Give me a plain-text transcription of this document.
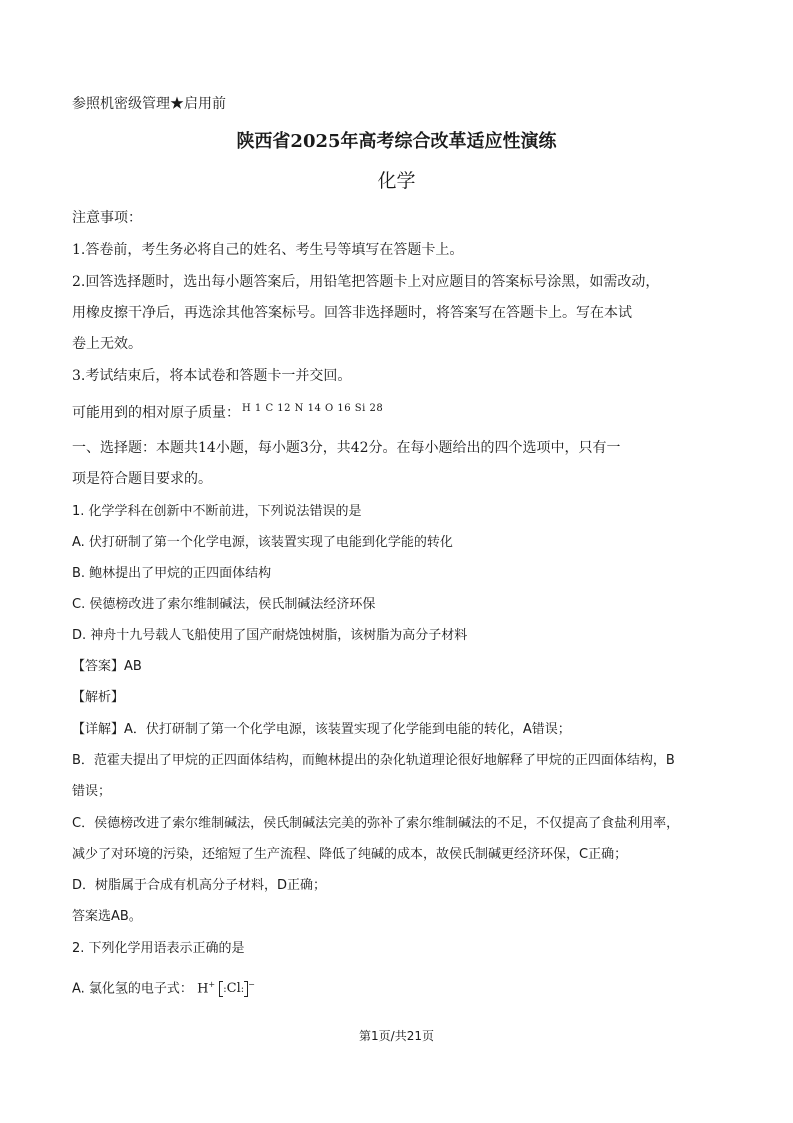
参照机密级管理★启用前
陕西省2025年高考综合改革适应性演练
化学
注意事项：
1.答卷前，考生务必将自己的姓名、考生号等填写在答题卡上。
2.回答选择题时，选出每小题答案后，用铅笔把答题卡上对应题目的答案标号涂黑，如需改动，
用橡皮擦干净后，再选涂其他答案标号。回答非选择题时，将答案写在答题卡上。写在本试
卷上无效。
3.考试结束后，将本试卷和答题卡一并交回。
可能用到的相对原子质量： H 1 C 12 N 14 O 16 Si 28
一、选择题：本题共14小题，每小题3分，共42分。在每小题给出的四个选项中，只有一
项是符合题目要求的。
1. 化学学科在创新中不断前进，下列说法错误的是
A. 伏打研制了第一个化学电源，该装置实现了电能到化学能的转化
B. 鲍林提出了甲烷的正四面体结构
C. 侯德榜改进了索尔维制碱法，侯氏制碱法经济环保
D. 神舟十九号载人飞船使用了国产耐烧蚀树脂，该树脂为高分子材料
【答案】AB
【解析】
【详解】A．伏打研制了第一个化学电源，该装置实现了化学能到电能的转化，A错误；
B．范霍夫提出了甲烷的正四面体结构，而鲍林提出的杂化轨道理论很好地解释了甲烷的正四面体结构，B
错误；
C．侯德榜改进了索尔维制碱法，侯氏制碱法完美的弥补了索尔维制碱法的不足，不仅提高了食盐利用率，
减少了对环境的污染，还缩短了生产流程、降低了纯碱的成本，故侯氏制碱更经济环保，C正确；
D．树脂属于合成有机高分子材料，D正确；
答案选AB。
2. 下列化学用语表示正确的是
A. 氯化氢的电子式： H+ :Cl: −
第1页/共21页
